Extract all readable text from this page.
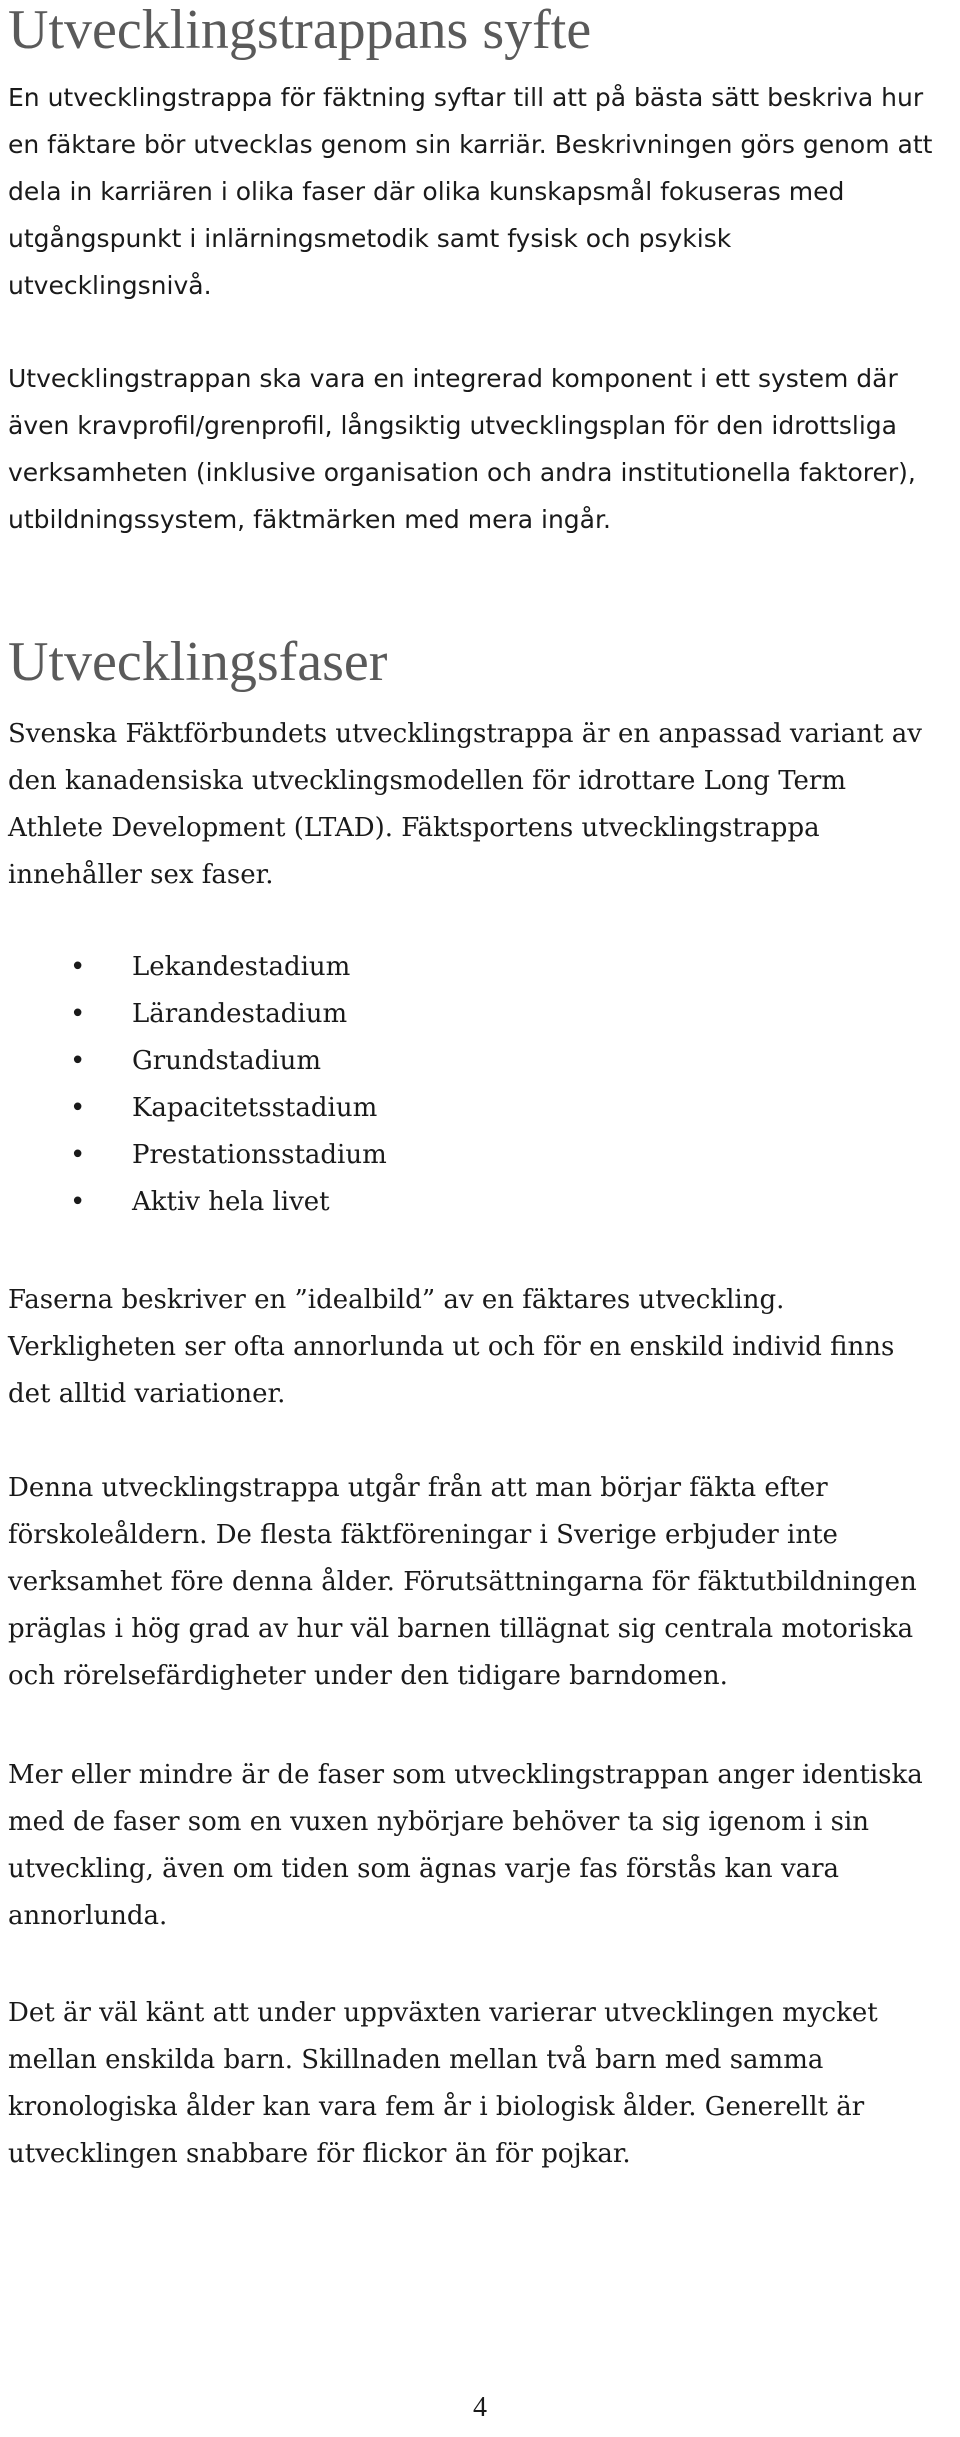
Utvecklingstrappans syfte

En utvecklingstrappa för fäktning syftar till att på bästa sätt beskriva hur en fäktare bör utvecklas genom sin karriär. Beskrivningen görs genom att dela in karriären i olika faser där olika kunskapsmål fokuseras med utgångspunkt i inlärningsmetodik samt fysisk och psykisk utvecklingsnivå.

Utvecklingstrappan ska vara en integrerad komponent i ett system där även kravprofil/grenprofil, långsiktig utvecklingsplan för den idrottsliga verksamheten (inklusive organisation och andra institutionella faktorer), utbildningssystem, fäktmärken med mera ingår.

Utvecklingsfaser

Svenska Fäktförbundets utvecklingstrappa är en anpassad variant av den kanadensiska utvecklingsmodellen för idrottare Long Term Athlete Development (LTAD). Fäktsportens utvecklingstrappa innehåller sex faser.

• Lekandestadium
• Lärandestadium
• Grundstadium
• Kapacitetsstadium
• Prestationsstadium
• Aktiv hela livet

Faserna beskriver en ”idealbild” av en fäktares utveckling. Verkligheten ser ofta annorlunda ut och för en enskild individ finns det alltid variationer.

Denna utvecklingstrappa utgår från att man börjar fäkta efter förskoleåldern. De flesta fäktföreningar i Sverige erbjuder inte verksamhet före denna ålder. Förutsättningarna för fäktutbildningen präglas i hög grad av hur väl barnen tillägnat sig centrala motoriska och rörelsefärdigheter under den tidigare barndomen.

Mer eller mindre är de faser som utvecklingstrappan anger identiska med de faser som en vuxen nybörjare behöver ta sig igenom i sin utveckling, även om tiden som ägnas varje fas förstås kan vara annorlunda.

Det är väl känt att under uppväxten varierar utvecklingen mycket mellan enskilda barn. Skillnaden mellan två barn med samma kronologiska ålder kan vara fem år i biologisk ålder. Generellt är utvecklingen snabbare för flickor än för pojkar.

4
